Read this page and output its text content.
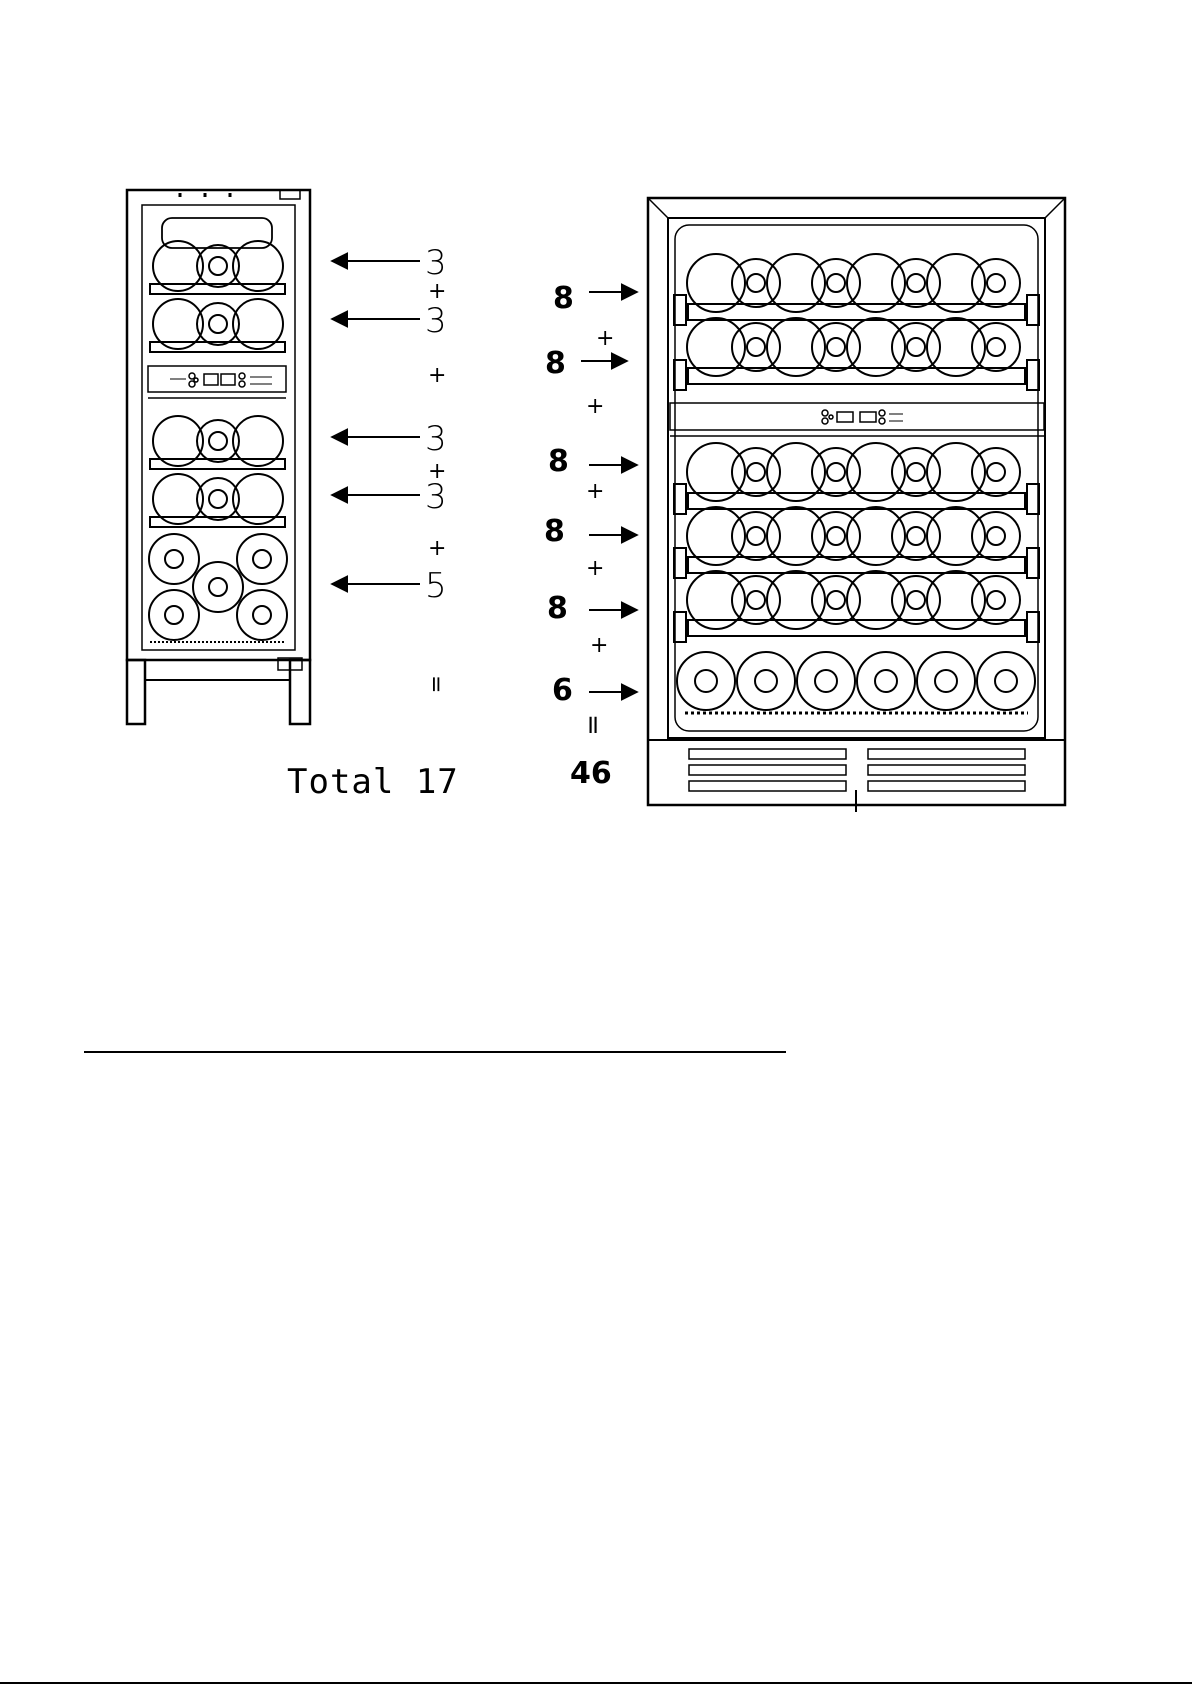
3
3
3
3
5
+
+
+
+
=
Total 17
8
8
8
8
8
6
+
+
+
+
+
=
46
